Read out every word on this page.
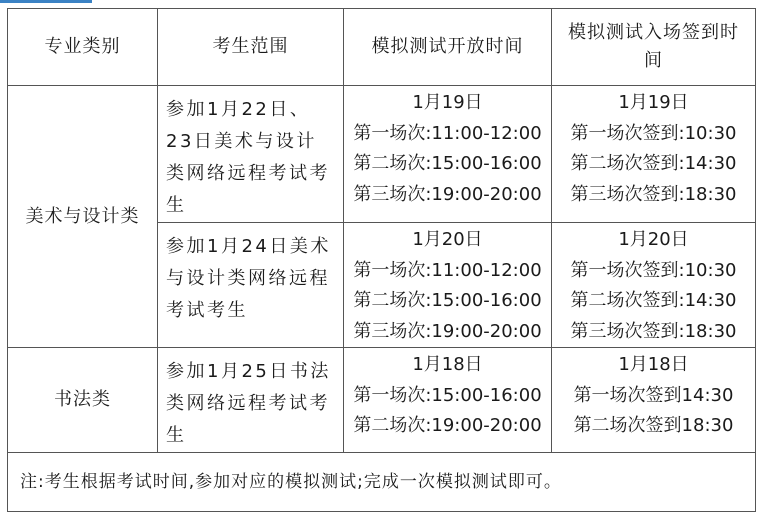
专业类别	考生范围	模拟测试开放时间	模拟测试入场签到时间
美术与设计类	参加1月22日、23日美术与设计类网络远程考试考生	1月19日
第一场次:11:00-12:00
第二场次:15:00-16:00
第三场次:19:00-20:00	1月19日
第一场次签到:10:30
第二场次签到:14:30
第三场次签到:18:30

	参加1月24日美术与设计类网络远程考试考生	1月20日
第一场次:11:00-12:00
第二场次:15:00-16:00
第三场次:19:00-20:00	1月20日
第一场次签到:10:30
第二场次签到:14:30
第三场次签到:18:30

书法类	参加1月25日书法类网络远程考试考生	1月18日
第一场次:15:00-16:00
第二场次:19:00-20:00	1月18日
第一场次签到14:30
第二场次签到18:30

注:考生根据考试时间,参加对应的模拟测试;完成一次模拟测试即可。			
